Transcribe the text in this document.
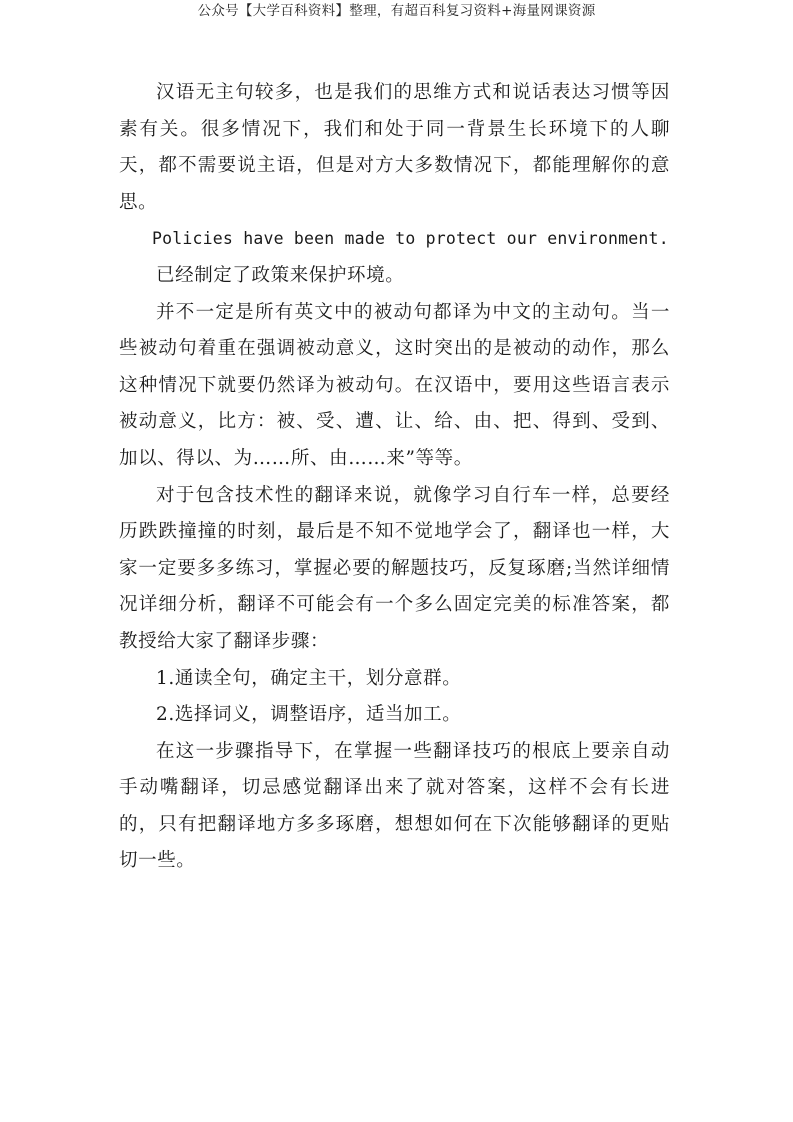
公众号【大学百科资料】整理，有超百科复习资料+海量网课资源

汉语无主句较多，也是我们的思维方式和说话表达习惯等因素有关。很多情况下，我们和处于同一背景生长环境下的人聊天，都不需要说主语，但是对方大多数情况下，都能理解你的意思。

Policies have been made to protect our environment.

已经制定了政策来保护环境。

并不一定是所有英文中的被动句都译为中文的主动句。当一些被动句着重在强调被动意义，这时突出的是被动的动作，那么这种情况下就要仍然译为被动句。在汉语中，要用这些语言表示被动意义，比方：被、受、遭、让、给、由、把、得到、受到、加以、得以、为……所、由……来”等等。

对于包含技术性的翻译来说，就像学习自行车一样，总要经历跌跌撞撞的时刻，最后是不知不觉地学会了，翻译也一样，大家一定要多多练习，掌握必要的解题技巧，反复琢磨;当然详细情况详细分析，翻译不可能会有一个多么固定完美的标准答案，都教授给大家了翻译步骤：

1.通读全句，确定主干，划分意群。

2.选择词义，调整语序，适当加工。

在这一步骤指导下，在掌握一些翻译技巧的根底上要亲自动手动嘴翻译，切忌感觉翻译出来了就对答案，这样不会有长进的，只有把翻译地方多多琢磨，想想如何在下次能够翻译的更贴切一些。
